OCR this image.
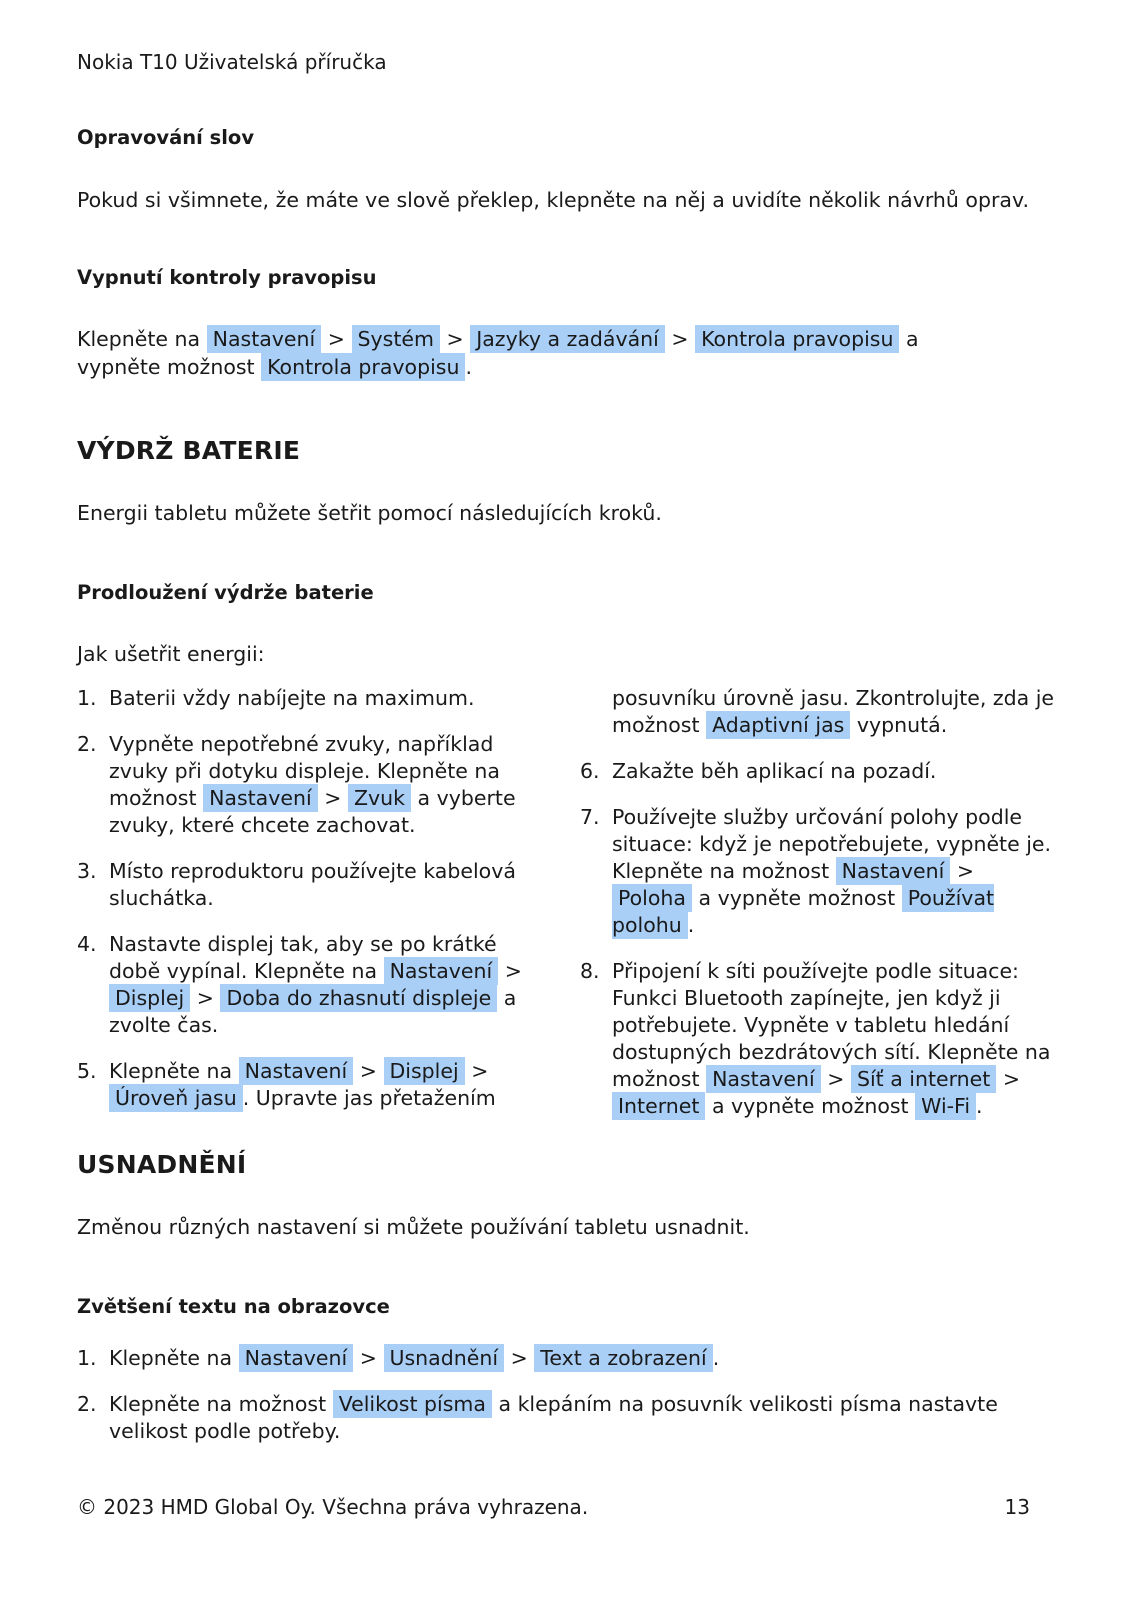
Nokia T10 Uživatelská příručka
Opravování slov
Pokud si všimnete, že máte ve slově překlep, klepněte na něj a uvidíte několik návrhů oprav.
Vypnutí kontroly pravopisu
Klepněte na Nastavení > Systém > Jazyky a zadávání > Kontrola pravopisu a vypněte možnost Kontrola pravopisu .
VÝDRŽ BATERIE
Energii tabletu můžete šetřit pomocí následujících kroků.
Prodloužení výdrže baterie
Jak ušetřit energii:
1. Baterii vždy nabíjejte na maximum.
2. Vypněte nepotřebné zvuky, například zvuky při dotyku displeje. Klepněte na možnost Nastavení > Zvuk a vyberte zvuky, které chcete zachovat.
3. Místo reproduktoru používejte kabelová sluchátka.
4. Nastavte displej tak, aby se po krátké době vypínal. Klepněte na Nastavení > Displej > Doba do zhasnutí displeje a zvolte čas.
5. Klepněte na Nastavení > Displej > Úroveň jasu . Upravte jas přetažením
posuvníku úrovně jasu. Zkontrolujte, zda je možnost Adaptivní jas vypnutá.
6. Zakažte běh aplikací na pozadí.
7. Používejte služby určování polohy podle situace: když je nepotřebujete, vypněte je. Klepněte na možnost Nastavení > Poloha a vypněte možnost Používat polohu .
8. Připojení k síti používejte podle situace: Funkci Bluetooth zapínejte, jen když ji potřebujete. Vypněte v tabletu hledání dostupných bezdrátových sítí. Klepněte na možnost Nastavení > Síť a internet > Internet a vypněte možnost Wi-Fi .
USNADNĚNÍ
Změnou různých nastavení si můžete používání tabletu usnadnit.
Zvětšení textu na obrazovce
1. Klepněte na Nastavení > Usnadnění > Text a zobrazení .
2. Klepněte na možnost Velikost písma a klepáním na posuvník velikosti písma nastavte velikost podle potřeby.
© 2023 HMD Global Oy. Všechna práva vyhrazena.	13
